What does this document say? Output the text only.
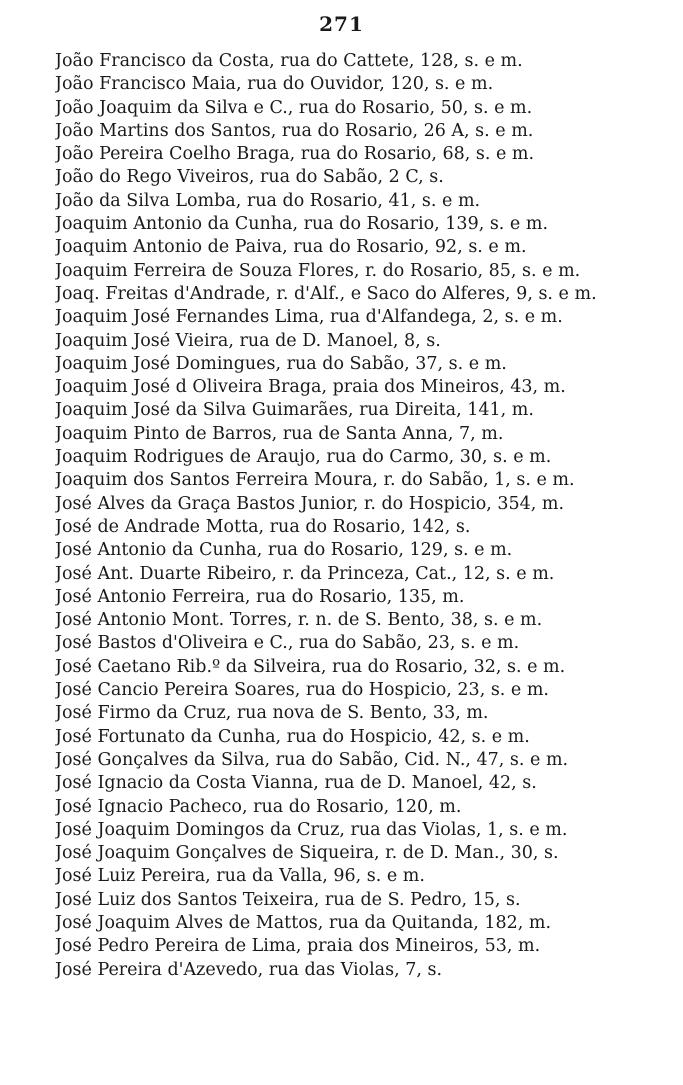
271
João Francisco da Costa, rua do Cattete, 128, s. e m.
João Francisco Maia, rua do Ouvidor, 120, s. e m.
João Joaquim da Silva e C., rua do Rosario, 50, s. e m.
João Martins dos Santos, rua do Rosario, 26 A, s. e m.
João Pereira Coelho Braga, rua do Rosario, 68, s. e m.
João do Rego Viveiros, rua do Sabão, 2 C, s.
João da Silva Lomba, rua do Rosario, 41, s. e m.
Joaquim Antonio da Cunha, rua do Rosario, 139, s. e m.
Joaquim Antonio de Paiva, rua do Rosario, 92, s. e m.
Joaquim Ferreira de Souza Flores, r. do Rosario, 85, s. e m.
Joaq. Freitas d'Andrade, r. d'Alf., e Saco do Alferes, 9, s. e m.
Joaquim José Fernandes Lima, rua d'Alfandega, 2, s. e m.
Joaquim José Vieira, rua de D. Manoel, 8, s.
Joaquim José Domingues, rua do Sabão, 37, s. e m.
Joaquim José d Oliveira Braga, praia dos Mineiros, 43, m.
Joaquim José da Silva Guimarães, rua Direita, 141, m.
Joaquim Pinto de Barros, rua de Santa Anna, 7, m.
Joaquim Rodrigues de Araujo, rua do Carmo, 30, s. e m.
Joaquim dos Santos Ferreira Moura, r. do Sabão, 1, s. e m.
José Alves da Graça Bastos Junior, r. do Hospicio, 354, m.
José de Andrade Motta, rua do Rosario, 142, s.
José Antonio da Cunha, rua do Rosario, 129, s. e m.
José Ant. Duarte Ribeiro, r. da Princeza, Cat., 12, s. e m.
José Antonio Ferreira, rua do Rosario, 135, m.
José Antonio Mont. Torres, r. n. de S. Bento, 38, s. e m.
José Bastos d'Oliveira e C., rua do Sabão, 23, s. e m.
José Caetano Rib.º da Silveira, rua do Rosario, 32, s. e m.
José Cancio Pereira Soares, rua do Hospicio, 23, s. e m.
José Firmo da Cruz, rua nova de S. Bento, 33, m.
José Fortunato da Cunha, rua do Hospicio, 42, s. e m.
José Gonçalves da Silva, rua do Sabão, Cid. N., 47, s. e m.
José Ignacio da Costa Vianna, rua de D. Manoel, 42, s.
José Ignacio Pacheco, rua do Rosario, 120, m.
José Joaquim Domingos da Cruz, rua das Violas, 1, s. e m.
José Joaquim Gonçalves de Siqueira, r. de D. Man., 30, s.
José Luiz Pereira, rua da Valla, 96, s. e m.
José Luiz dos Santos Teixeira, rua de S. Pedro, 15, s.
José Joaquim Alves de Mattos, rua da Quitanda, 182, m.
José Pedro Pereira de Lima, praia dos Mineiros, 53, m.
José Pereira d'Azevedo, rua das Violas, 7, s.
